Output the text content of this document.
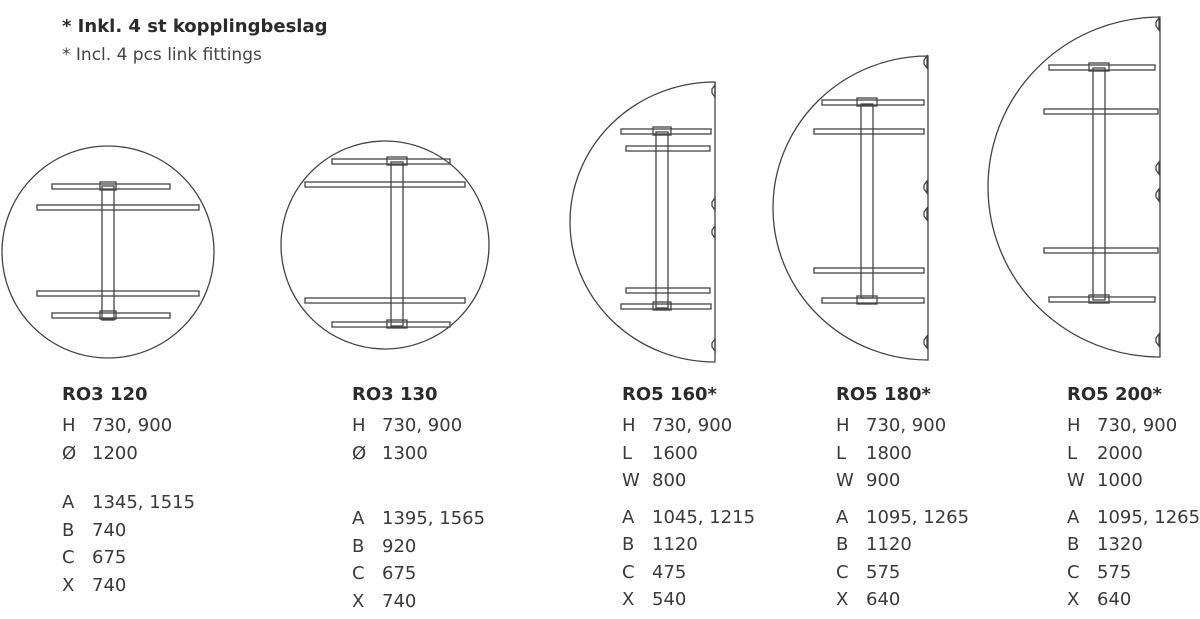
* Inkl. 4 st kopplingbeslag
* Incl. 4 pcs link fittings
RO3 120
H 730, 900
Ø 1200
A 1345, 1515
B 740
C 675
X 740
RO3 130
H 730, 900
Ø 1300
A 1395, 1565
B 920
C 675
X 740
RO5 160*
H 730, 900
L	1600
W 800
A 1045, 1215
B 1120
C 475
X 540
RO5 180*
H 730, 900
L	1800
W 900
A 1095, 1265
B 1120
C 575
X 640
RO5 200*
H 730, 900
L	2000
W 1000
A 1095, 1265
B 1320
C 575
X 640
